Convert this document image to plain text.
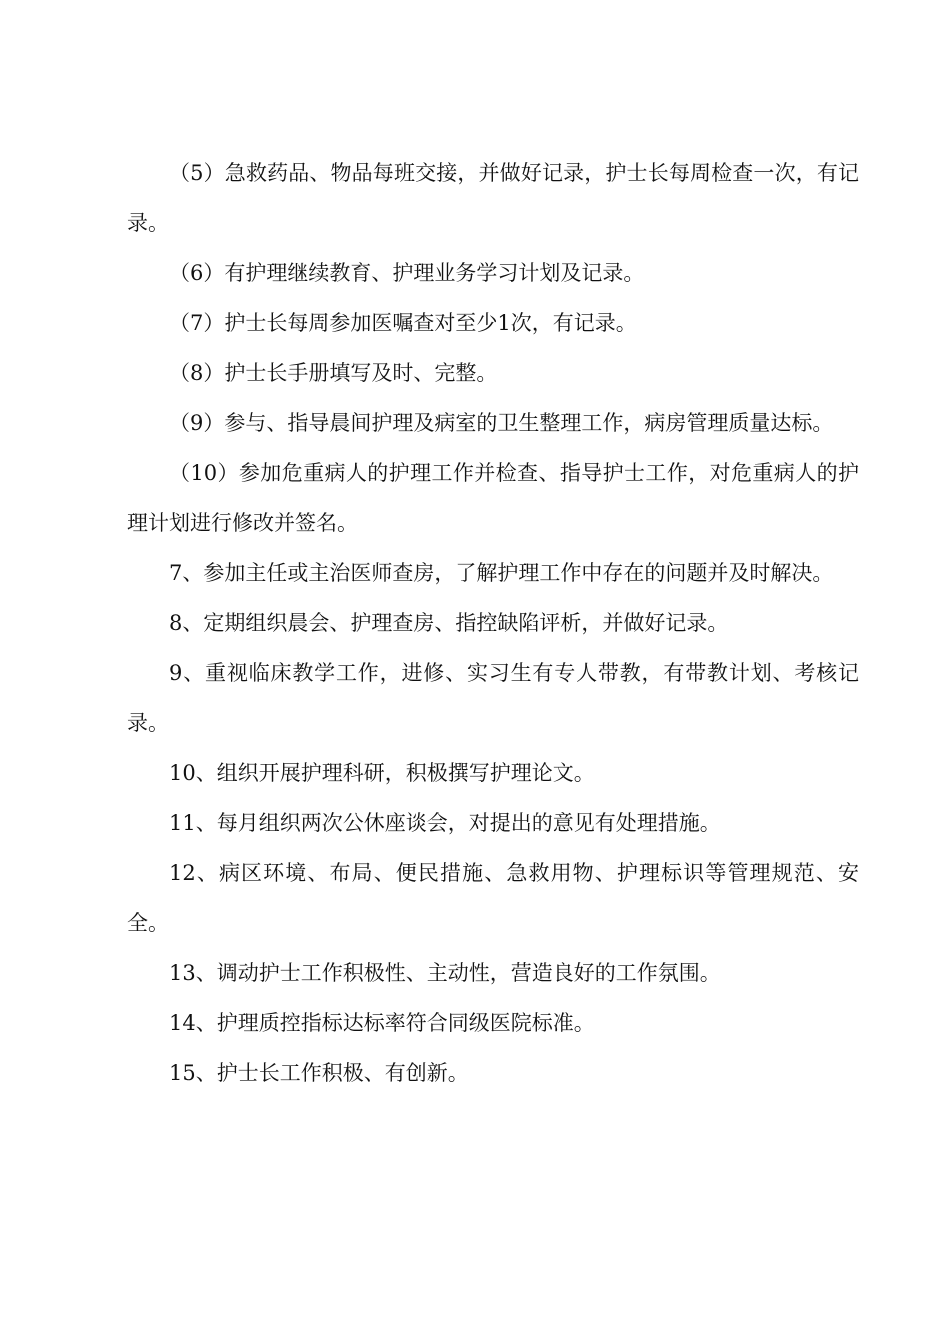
（5）急救药品、物品每班交接，并做好记录，护士长每周检查一次，有记录。

（6）有护理继续教育、护理业务学习计划及记录。

（7）护士长每周参加医嘱查对至少1次，有记录。

（8）护士长手册填写及时、完整。

（9）参与、指导晨间护理及病室的卫生整理工作，病房管理质量达标。

（10）参加危重病人的护理工作并检查、指导护士工作，对危重病人的护理计划进行修改并签名。

7、参加主任或主治医师查房，了解护理工作中存在的问题并及时解决。

8、定期组织晨会、护理查房、指控缺陷评析，并做好记录。

9、重视临床教学工作，进修、实习生有专人带教，有带教计划、考核记录。

10、组织开展护理科研，积极撰写护理论文。

11、每月组织两次公休座谈会，对提出的意见有处理措施。

12、病区环境、布局、便民措施、急救用物、护理标识等管理规范、安全。

13、调动护士工作积极性、主动性，营造良好的工作氛围。

14、护理质控指标达标率符合同级医院标准。

15、护士长工作积极、有创新。
